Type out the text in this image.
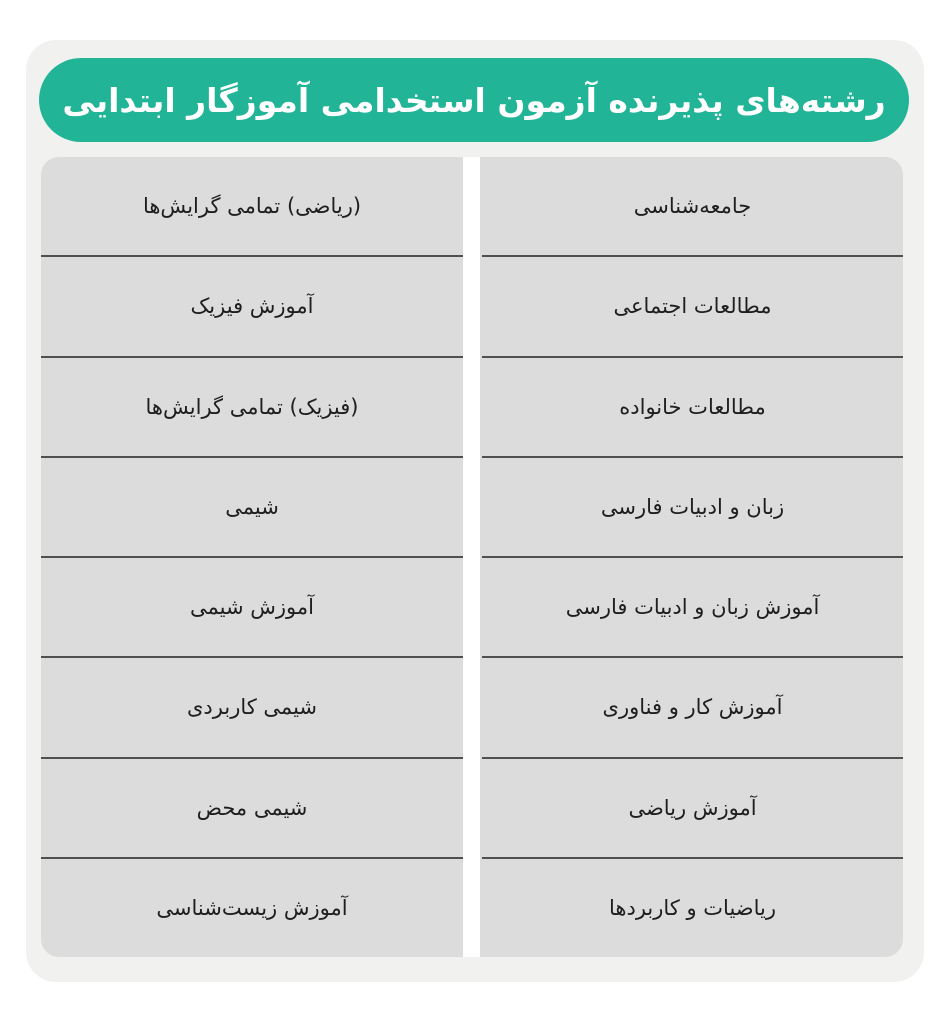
رشته‌های پذیرنده آزمون استخدامی آموزگار ابتدایی
جامعه‌شناسی
مطالعات اجتماعی
مطالعات خانواده
زبان و ادبیات فارسی
آموزش زبان و ادبیات فارسی
آموزش کار و فناوری
آموزش ریاضی
ریاضیات و کاربردها
(ریاضی) تمامی گرایش‌ها
آموزش فیزیک
(فیزیک) تمامی گرایش‌ها
شیمی
آموزش شیمی
شیمی کاربردی
شیمی محض
آموزش زیست‌شناسی
